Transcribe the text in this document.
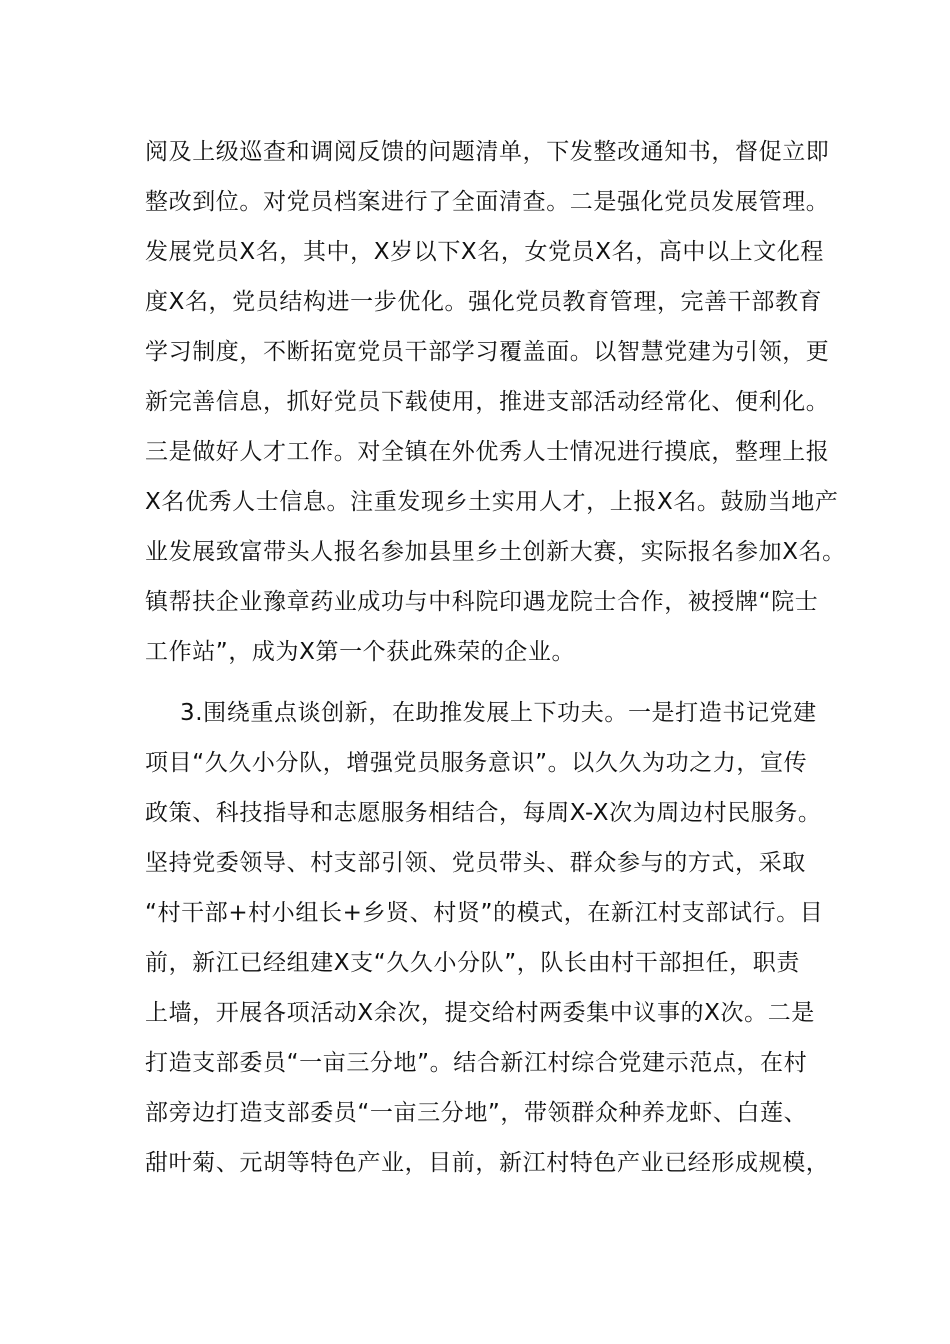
阅及上级巡查和调阅反馈的问题清单，下发整改通知书，督促立即
整改到位。对党员档案进行了全面清查。二是强化党员发展管理。
发展党员X名，其中，X岁以下X名，女党员X名，高中以上文化程
度X名，党员结构进一步优化。强化党员教育管理，完善干部教育
学习制度，不断拓宽党员干部学习覆盖面。以智慧党建为引领，更
新完善信息，抓好党员下载使用，推进支部活动经常化、便利化。
三是做好人才工作。对全镇在外优秀人士情况进行摸底，整理上报
X名优秀人士信息。注重发现乡土实用人才，上报X名。鼓励当地产
业发展致富带头人报名参加县里乡土创新大赛，实际报名参加X名。
镇帮扶企业豫章药业成功与中科院印遇龙院士合作，被授牌“院士
工作站”，成为X第一个获此殊荣的企业。
3.围绕重点谈创新，在助推发展上下功夫。一是打造书记党建
项目“久久小分队，增强党员服务意识”。以久久为功之力，宣传
政策、科技指导和志愿服务相结合，每周X-X次为周边村民服务。
坚持党委领导、村支部引领、党员带头、群众参与的方式，采取
“村干部+村小组长+乡贤、村贤”的模式，在新江村支部试行。目
前，新江已经组建X支“久久小分队”，队长由村干部担任，职责
上墙，开展各项活动X余次，提交给村两委集中议事的X次。二是
打造支部委员“一亩三分地”。结合新江村综合党建示范点，在村
部旁边打造支部委员“一亩三分地”，带领群众种养龙虾、白莲、
甜叶菊、元胡等特色产业，目前，新江村特色产业已经形成规模，
